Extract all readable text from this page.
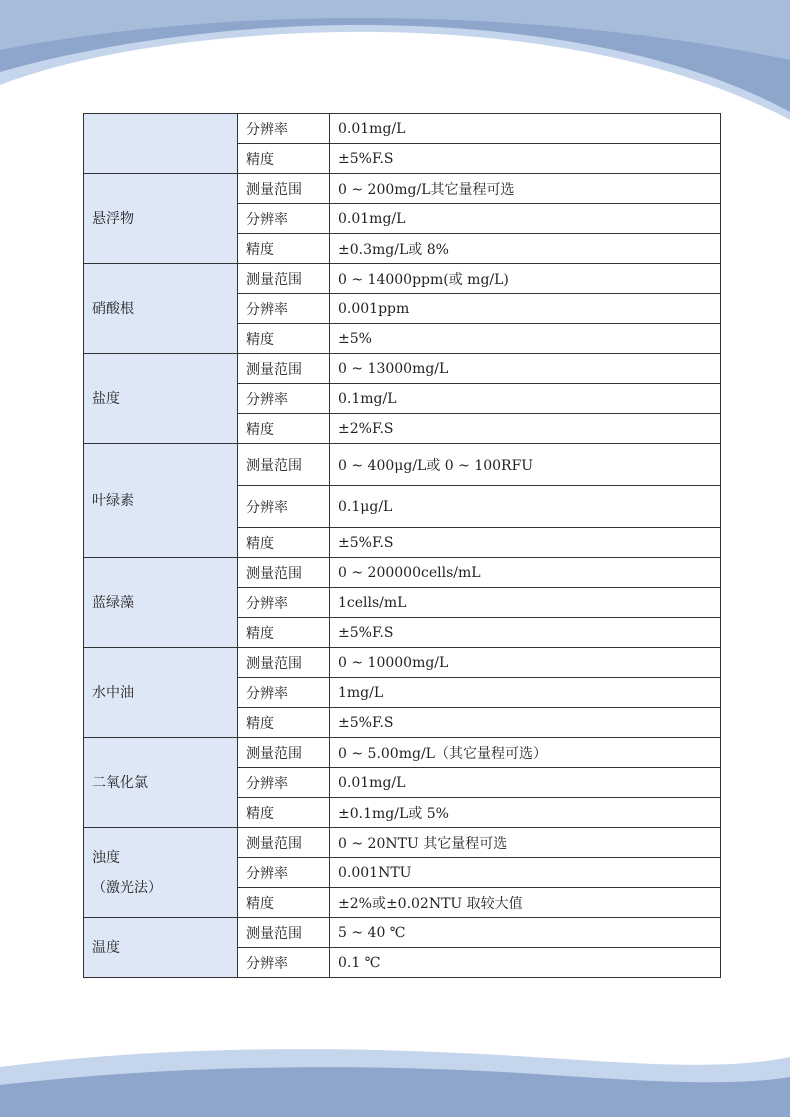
	分辨率	0.01mg/L
	精度	±5%F.S

悬浮物	测量范围	0 ~ 200mg/L其它量程可选
	分辨率	0.01mg/L
	精度	±0.3mg/L或 8%

硝酸根	测量范围	0 ~ 14000ppm(或 mg/L)
	分辨率	0.001ppm
	精度	±5%

盐度	测量范围	0 ~ 13000mg/L
	分辨率	0.1mg/L
	精度	±2%F.S

叶绿素	测量范围	0 ~ 400μg/L或 0 ~ 100RFU
	分辨率	0.1μg/L
	精度	±5%F.S

蓝绿藻	测量范围	0 ~ 200000cells/mL
	分辨率	1cells/mL
	精度	±5%F.S

水中油	测量范围	0 ~ 10000mg/L
	分辨率	1mg/L
	精度	±5%F.S

二氧化氯	测量范围	0 ~ 5.00mg/L（其它量程可选）
	分辨率	0.01mg/L
	精度	±0.1mg/L或 5%

浊度
（激光法）	测量范围	0 ~ 20NTU 其它量程可选
	分辨率	0.001NTU
	精度	±2%或±0.02NTU 取较大值

温度	测量范围	5 ~ 40 ℃
	分辨率	0.1 ℃
